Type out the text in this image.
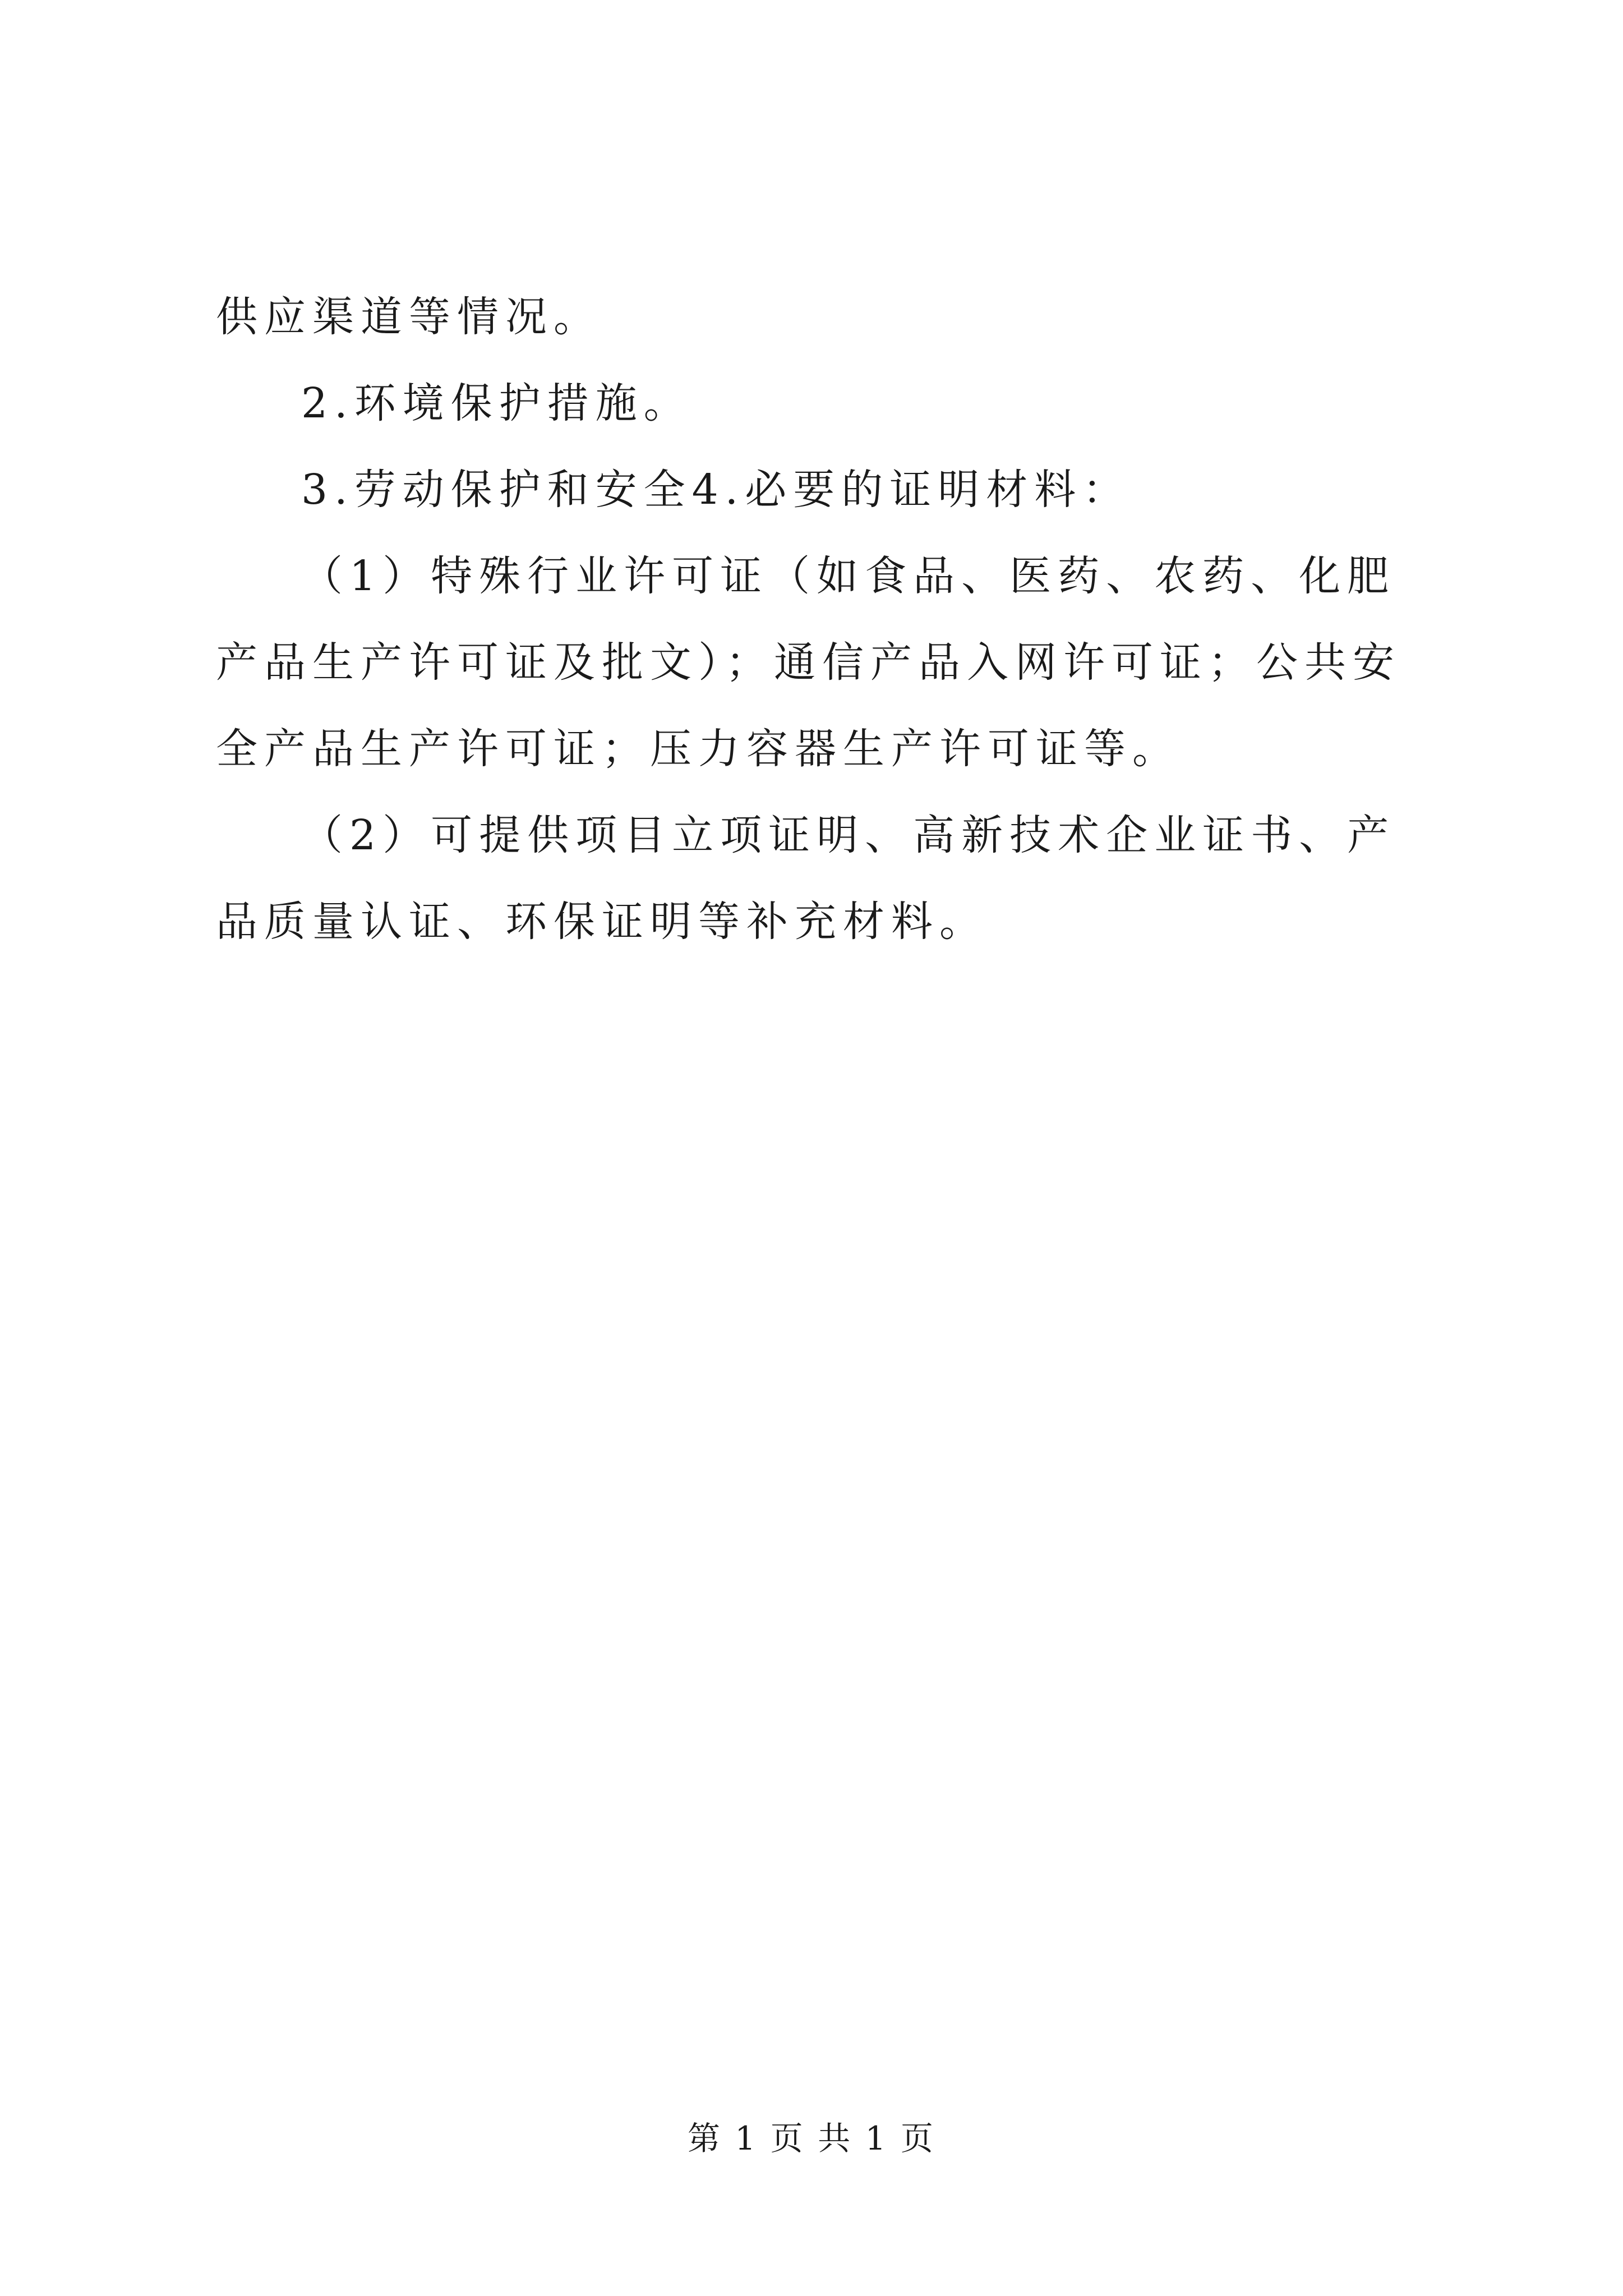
供应渠道等情况。

2.环境保护措施。

3.劳动保护和安全4.必要的证明材料：

（1）特殊行业许可证（如食品、医药、农药、化肥产品生产许可证及批文）；通信产品入网许可证；公共安全产品生产许可证；压力容器生产许可证等。

（2）可提供项目立项证明、高新技术企业证书、产品质量认证、环保证明等补充材料。

第 1 页 共 1 页
